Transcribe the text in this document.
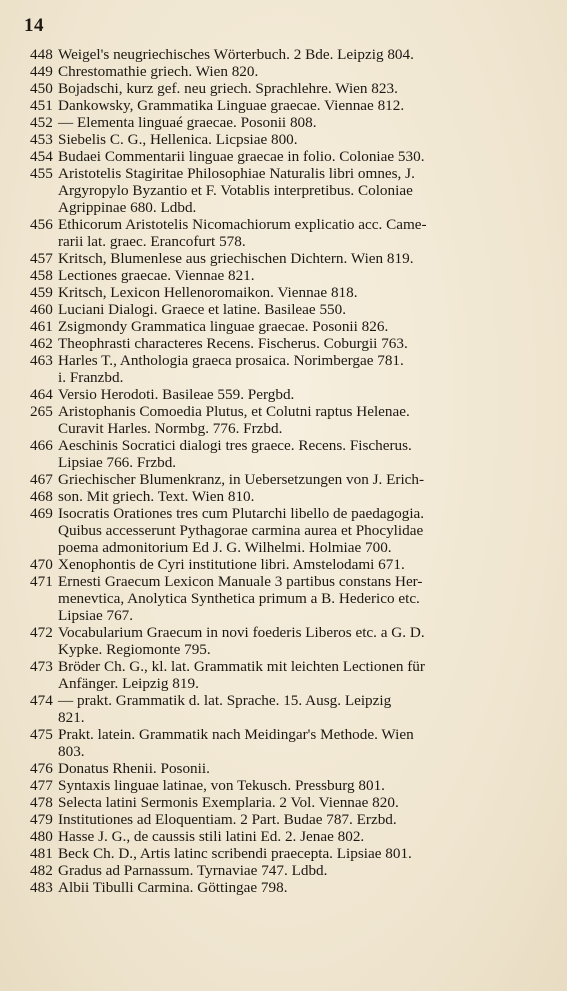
14
448 Weigel's neugriechisches Wörterbuch. 2 Bde. Leipzig 804.
449 Chrestomathie griech. Wien 820.
450 Bojadschi, kurz gef. neu griech. Sprachlehre. Wien 823.
451 Dankowsky, Grammatika Linguae graecae. Viennae 812.
452 — Elementa linguaé graecae. Posonii 808.
453 Siebelis C. G., Hellenica. Licpsiae 800.
454 Budaei Commentarii linguae graecae in folio. Coloniae 530.
455 Aristotelis Stagiritae Philosophiae Naturalis libri omnes, J.
Argyropylo Byzantio et F. Votablis interpretibus. Coloniae
Agrippinae 680. Ldbd.
456 Ethicorum Aristotelis Nicomachiorum explicatio acc. Came-
rarii lat. graec. Erancofurt 578.
457 Kritsch, Blumenlese aus griechischen Dichtern. Wien 819.
458 Lectiones graecae. Viennae 821.
459 Kritsch, Lexicon Hellenoromaikon. Viennae 818.
460 Luciani Dialogi. Graece et latine. Basileae 550.
461 Zsigmondy Grammatica linguae graecae. Posonii 826.
462 Theophrasti characteres Recens. Fischerus. Coburgii 763.
463 Harles T., Anthologia graeca prosaica. Norimbergae 781.
i. Franzbd.
464 Versio Herodoti. Basileae 559. Pergbd.
265 Aristophanis Comoedia Plutus, et Colutni raptus Helenae.
Curavit Harles. Normbg. 776. Frzbd.
466 Aeschinis Socratici dialogi tres graece. Recens. Fischerus.
Lipsiae 766. Frzbd.
467 Griechischer Blumenkranz, in Uebersetzungen von J. Erich-
468 son. Mit griech. Text. Wien 810.
469 Isocratis Orationes tres cum Plutarchi libello de paedagogia.
Quibus accesserunt Pythagorae carmina aurea et Phocylidae
poema admonitorium Ed J. G. Wilhelmi. Holmiae 700.
470 Xenophontis de Cyri institutione libri. Amstelodami 671.
471 Ernesti Graecum Lexicon Manuale 3 partibus constans Her-
menevtica, Anolytica Synthetica primum a B. Hederico etc.
Lipsiae 767.
472 Vocabularium Graecum in novi foederis Liberos etc. a G. D.
Kypke. Regiomonte 795.
473 Bröder Ch. G., kl. lat. Grammatik mit leichten Lectionen für
Anfänger. Leipzig 819.
474 — prakt. Grammatik d. lat. Sprache. 15. Ausg. Leipzig
821.
475 Prakt. latein. Grammatik nach Meidingar's Methode. Wien
803.
476 Donatus Rhenii. Posonii.
477 Syntaxis linguae latinae, von Tekusch. Pressburg 801.
478 Selecta latini Sermonis Exemplaria. 2 Vol. Viennae 820.
479 Institutiones ad Eloquentiam. 2 Part. Budae 787. Erzbd.
480 Hasse J. G., de caussis stili latini Ed. 2. Jenae 802.
481 Beck Ch. D., Artis latinc scribendi praecepta. Lipsiae 801.
482 Gradus ad Parnassum. Tyrnaviae 747. Ldbd.
483 Albii Tibulli Carmina. Göttingae 798.
